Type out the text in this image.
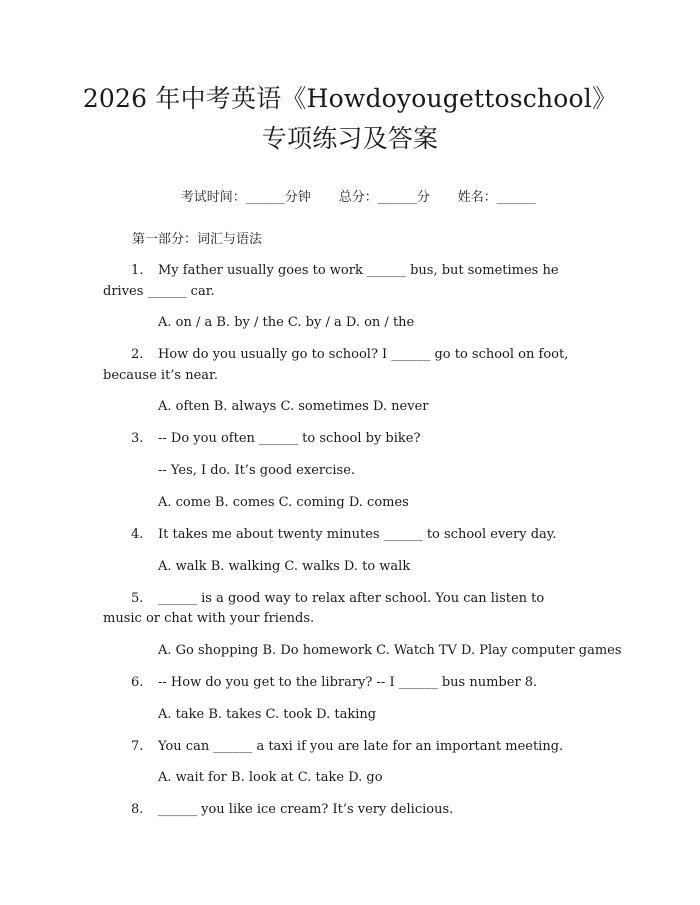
2026 年中考英语《Howdoyougettoschool》
专项练习及答案

考试时间：______分钟 总分：______分 姓名：______

第一部分：词汇与语法
1. My father usually goes to work ______ bus, but sometimes he
drives ______ car.
A. on / a B. by / the C. by / a D. on / the
2. How do you usually go to school? I ______ go to school on foot,
because it’s near.
A. often B. always C. sometimes D. never
3. -- Do you often ______ to school by bike?
-- Yes, I do. It’s good exercise.
A. come B. comes C. coming D. comes
4. It takes me about twenty minutes ______ to school every day.
A. walk B. walking C. walks D. to walk
5. ______ is a good way to relax after school. You can listen to
music or chat with your friends.
A. Go shopping B. Do homework C. Watch TV D. Play computer games
6. -- How do you get to the library? -- I ______ bus number 8.
A. take B. takes C. took D. taking
7. You can ______ a taxi if you are late for an important meeting.
A. wait for B. look at C. take D. go
8. ______ you like ice cream? It’s very delicious.
